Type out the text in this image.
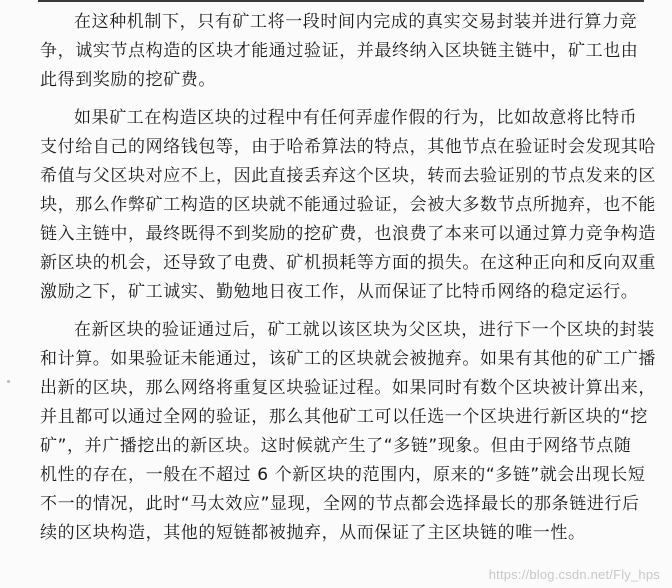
在这种机制下，只有矿工将一段时间内完成的真实交易封装并进行算力竞
争，诚实节点构造的区块才能通过验证，并最终纳入区块链主链中，矿工也由
此得到奖励的挖矿费。

如果矿工在构造区块的过程中有任何弄虚作假的行为，比如故意将比特币
支付给自己的网络钱包等，由于哈希算法的特点，其他节点在验证时会发现其哈
希值与父区块对应不上，因此直接丢弃这个区块，转而去验证别的节点发来的区
块，那么作弊矿工构造的区块就不能通过验证，会被大多数节点所抛弃，也不能
链入主链中，最终既得不到奖励的挖矿费，也浪费了本来可以通过算力竞争构造
新区块的机会，还导致了电费、矿机损耗等方面的损失。在这种正向和反向双重
激励之下，矿工诚实、勤勉地日夜工作，从而保证了比特币网络的稳定运行。

在新区块的验证通过后，矿工就以该区块为父区块，进行下一个区块的封装
和计算。如果验证未能通过，该矿工的区块就会被抛弃。如果有其他的矿工广播
出新的区块，那么网络将重复区块验证过程。如果同时有数个区块被计算出来，
并且都可以通过全网的验证，那么其他矿工可以任选一个区块进行新区块的“挖
矿”，并广播挖出的新区块。这时候就产生了“多链”现象。但由于网络节点随
机性的存在，一般在不超过 6 个新区块的范围内，原来的“多链”就会出现长短
不一的情况，此时“马太效应”显现，全网的节点都会选择最长的那条链进行后
续的区块构造，其他的短链都被抛弃，从而保证了主区块链的唯一性。

https://blog.csdn.net/Fly_hps
